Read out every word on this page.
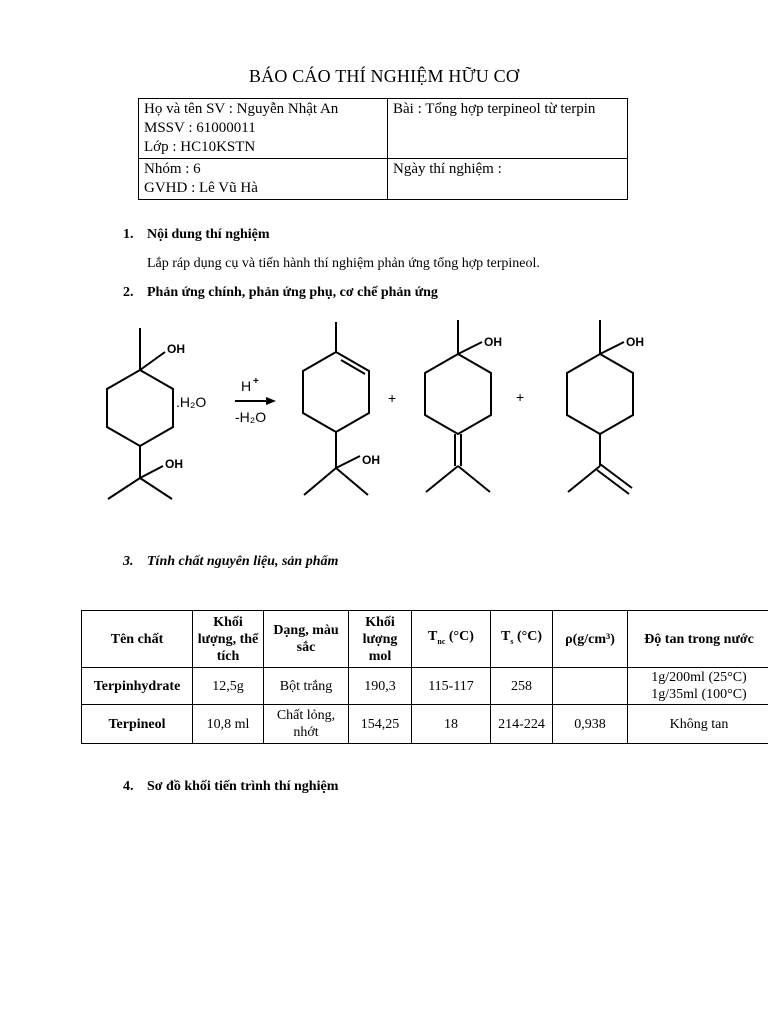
BÁO CÁO THÍ NGHIỆM HỮU CƠ
Họ và tên SV : Nguyễn Nhật An
MSSV : 61000011
Lớp : HC10KSTN	Bài : Tổng hợp terpineol từ terpin

Nhóm : 6
GVHD : Lê Vũ Hà	Ngày thí nghiệm :
1. Nội dung thí nghiệm
Lắp ráp dụng cụ và tiến hành thí nghiệm phản ứng tổng hợp terpineol.
2. Phản ứng chính, phản ứng phụ, cơ chế phản ứng
OH
OH	OH
OH	OH
.H₂O
H +
-H₂O
+	+
3. Tính chất nguyên liệu, sản phẩm
Tên chất	Khối lượng, thể tích	Dạng, màu sắc	Khối lượng mol	$T_{nc}$ (°C)	$T_s$ (°C)	ρ(g/cm³)	Độ tan trong nước
Terpinhydrate	12,5g	Bột trắng	190,3	115-117	258		1g/200ml (25°C)
1g/35ml (100°C)

Terpineol	10,8 ml	Chất lỏng, nhớt	154,25	18	214-224	0,938	Không tan
4. Sơ đồ khối tiến trình thí nghiệm
